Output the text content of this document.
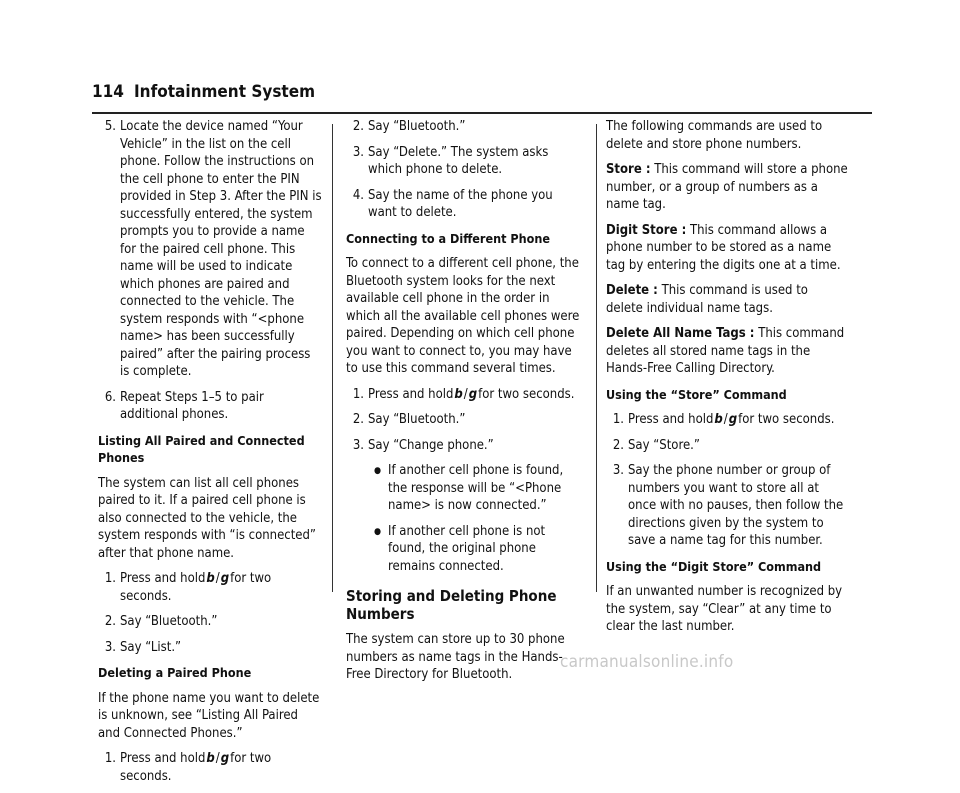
114 Infotainment System
5. Locate the device named “Your Vehicle” in the list on the cell phone. Follow the instructions on the cell phone to enter the PIN provided in Step 3. After the PIN is successfully entered, the system prompts you to provide a name for the paired cell phone. This name will be used to indicate which phones are paired and connected to the vehicle. The system responds with “<phone name> has been successfully paired” after the pairing process is complete.
6. Repeat Steps 1–5 to pair additional phones.
Listing All Paired and Connected Phones

The system can list all cell phones paired to it. If a paired cell phone is also connected to the vehicle, the system responds with “is connected” after that phone name.

1. Press and holdb/gfor two seconds.
2. Say “Bluetooth.”
3. Say “List.”
Deleting a Paired Phone

If the phone name you want to delete is unknown, see “Listing All Paired and Connected Phones.”

1. Press and holdb/gfor two seconds.
2. Say “Bluetooth.”
3. Say “Delete.” The system asks which phone to delete.
4. Say the name of the phone you want to delete.
Connecting to a Different Phone

To connect to a different cell phone, the Bluetooth system looks for the next available cell phone in the order in which all the available cell phones were paired. Depending on which cell phone you want to connect to, you may have to use this command several times.

1. Press and holdb/gfor two seconds.
2. Say “Bluetooth.”
3. Say “Change phone.”
● If another cell phone is found, the response will be “<Phone name> is now connected.”
● If another cell phone is not found, the original phone remains connected.
Storing and Deleting Phone Numbers

The system can store up to 30 phone numbers as name tags in the Hands-Free Directory for Bluetooth.

The following commands are used to delete and store phone numbers.

Store : This command will store a phone number, or a group of numbers as a name tag.

Digit Store : This command allows a phone number to be stored as a name tag by entering the digits one at a time.

Delete : This command is used to delete individual name tags.

Delete All Name Tags : This command deletes all stored name tags in the Hands-Free Calling Directory.

Using the “Store” Command
1. Press and holdb/gfor two seconds.
2. Say “Store.”
3. Say the phone number or group of numbers you want to store all at once with no pauses, then follow the directions given by the system to save a name tag for this number.
Using the “Digit Store” Command

If an unwanted number is recognized by the system, say “Clear” at any time to clear the last number.

carmanualsonline.info
